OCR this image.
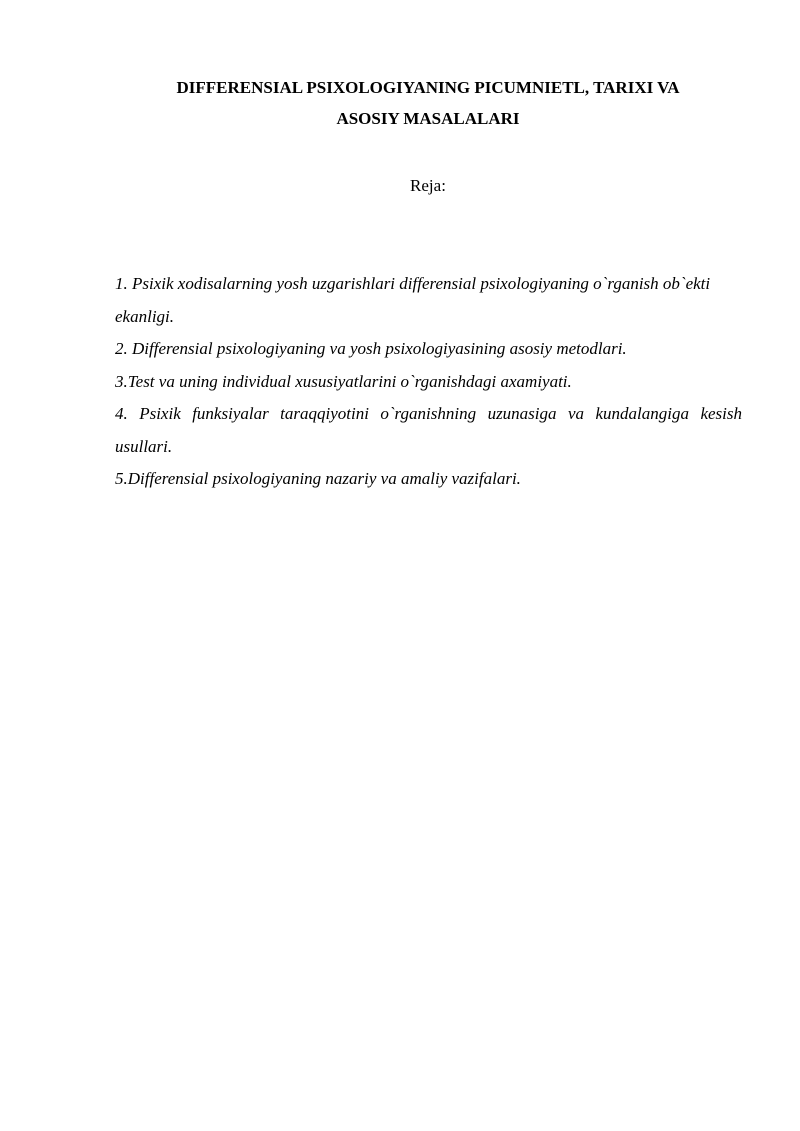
DIFFERENSIAL PSIXOLOGIYANING PICUMNIETL, TARIXI VA
ASOSIY MASALALARI

Reja:

1. Psixik xodisalarning yosh uzgarishlari differensial psixologiyaning o`rganish ob`ekti ekanligi.
2. Differensial psixologiyaning va yosh psixologiyasining asosiy metodlari.
3.Test va uning individual xususiyatlarini o`rganishdagi axamiyati.
4. Psixik funksiyalar taraqqiyotini o`rganishning uzunasiga va kundalangiga kesish usullari.
5.Differensial psixologiyaning nazariy va amaliy vazifalari.
